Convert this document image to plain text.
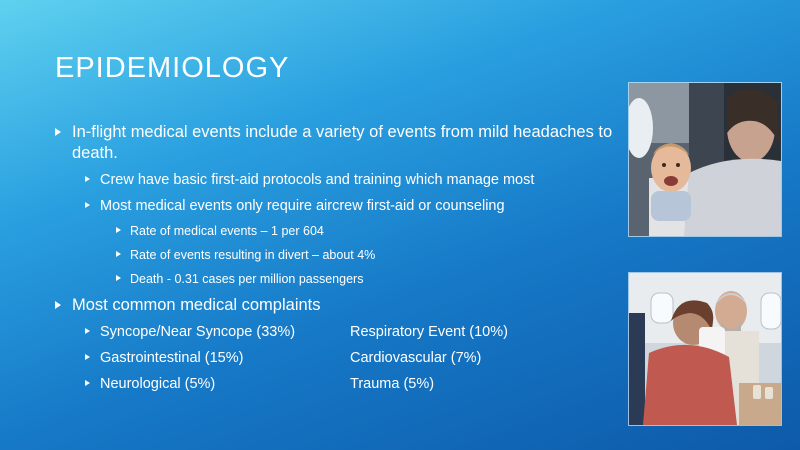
EPIDEMIOLOGY
In-flight medical events include a variety of events from mild headaches to death.
Crew have basic first-aid protocols and training which manage most
Most medical events only require aircrew first-aid or counseling
Rate of medical events – 1 per 604
Rate of events resulting in divert – about 4%
Death - 0.31 cases per million passengers
Most common medical complaints
Syncope/Near Syncope (33%)	Respiratory Event (10%)
Gastrointestinal (15%)	Cardiovascular (7%)
Neurological (5%)	Trauma (5%)
